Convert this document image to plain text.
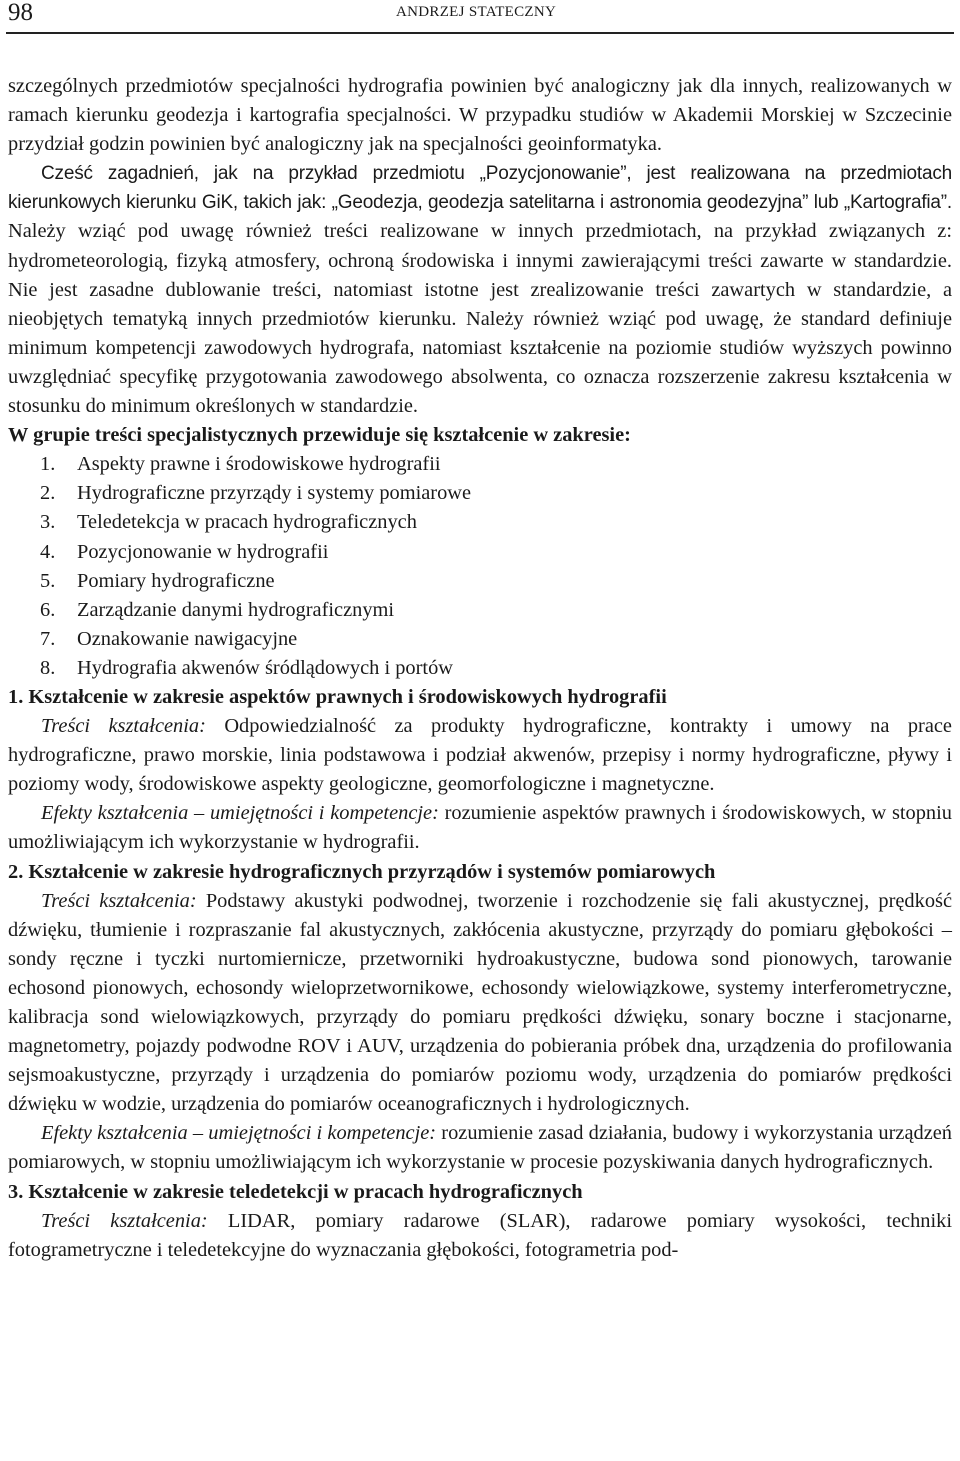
98	ANDRZEJ STATECZNY

szczególnych przedmiotów specjalności hydrografia powinien być analogiczny jak dla innych, realizowanych w ramach kierunku geodezja i kartografia specjalności. W przypadku studiów w Akademii Morskiej w Szczecinie przydział godzin powinien być analogiczny jak na specjalności geoinformatyka.

Cześć zagadnień, jak na przykład przedmiotu „Pozycjonowanie”, jest realizowana na przedmiotach kierunkowych kierunku GiK, takich jak: „Geodezja, geodezja satelitarna i astronomia geodezyjna” lub „Kartografia”. Należy wziąć pod uwagę również treści realizowane w innych przedmiotach, na przykład związanych z: hydrometeorologią, fizyką atmosfery, ochroną środowiska i innymi zawierającymi treści zawarte w standardzie. Nie jest zasadne dublowanie treści, natomiast istotne jest zrealizowanie treści zawartych w standardzie, a nieobjętych tematyką innych przedmiotów kierunku. Należy również wziąć pod uwagę, że standard definiuje minimum kompetencji zawodowych hydrografa, natomiast kształcenie na poziomie studiów wyższych powinno uwzględniać specyfikę przygotowania zawodowego absolwenta, co oznacza rozszerzenie zakresu kształcenia w stosunku do minimum określonych w standardzie.

W grupie treści specjalistycznych przewiduje się kształcenie w zakresie:

1.	Aspekty prawne i środowiskowe hydrografii
2.	Hydrograficzne przyrządy i systemy pomiarowe
3.	Teledetekcja w pracach hydrograficznych
4.	Pozycjonowanie w hydrografii
5.	Pomiary hydrograficzne
6.	Zarządzanie danymi hydrograficznymi
7.	Oznakowanie nawigacyjne
8.	Hydrografia akwenów śródlądowych i portów

1. Kształcenie w zakresie aspektów prawnych i środowiskowych hydrografii

Treści kształcenia: Odpowiedzialność za produkty hydrograficzne, kontrakty i umowy na prace hydrograficzne, prawo morskie, linia podstawowa i podział akwenów, przepisy i normy hydrograficzne, pływy i poziomy wody, środowiskowe aspekty geologiczne, geomorfologiczne i magnetyczne.

Efekty kształcenia – umiejętności i kompetencje: rozumienie aspektów prawnych i środowiskowych, w stopniu umożliwiającym ich wykorzystanie w hydrografii.

2. Kształcenie w zakresie hydrograficznych przyrządów i systemów pomiarowych

Treści kształcenia: Podstawy akustyki podwodnej, tworzenie i rozchodzenie się fali akustycznej, prędkość dźwięku, tłumienie i rozpraszanie fal akustycznych, zakłócenia akustyczne, przyrządy do pomiaru głębokości – sondy ręczne i tyczki nurtomiernicze, przetworniki hydroakustyczne, budowa sond pionowych, tarowanie echosond pionowych, echosondy wieloprzetwornikowe, echosondy wielowiązkowe, systemy interferometryczne, kalibracja sond wielowiązkowych, przyrządy do pomiaru prędkości dźwięku, sonary boczne i stacjonarne, magnetometry, pojazdy podwodne ROV i AUV, urządzenia do pobierania próbek dna, urządzenia do profilowania sejsmoakustyczne, przyrządy i urządzenia do pomiarów poziomu wody, urządzenia do pomiarów prędkości dźwięku w wodzie, urządzenia do pomiarów oceanograficznych i hydrologicznych.

Efekty kształcenia – umiejętności i kompetencje: rozumienie zasad działania, budowy i wykorzystania urządzeń pomiarowych, w stopniu umożliwiającym ich wykorzystanie w procesie pozyskiwania danych hydrograficznych.

3. Kształcenie w zakresie teledetekcji w pracach hydrograficznych

Treści kształcenia: LIDAR, pomiary radarowe (SLAR), radarowe pomiary wysokości, techniki fotogrametryczne i teledetekcyjne do wyznaczania głębokości, fotogrametria pod-
